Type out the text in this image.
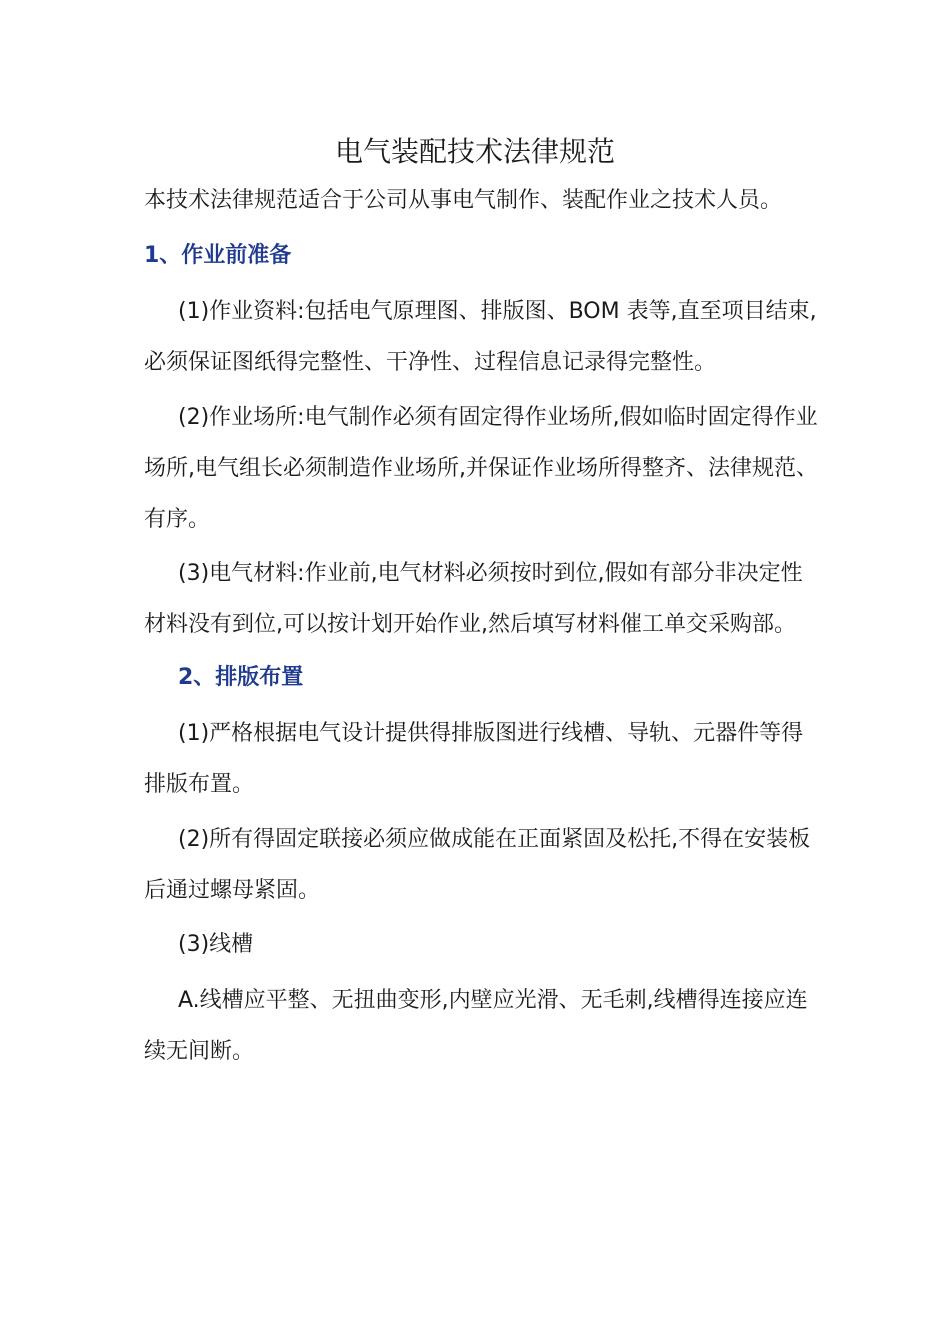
电气装配技术法律规范
本技术法律规范适合于公司从事电气制作、装配作业之技术人员。
1、作业前准备

(1)作业资料:包括电气原理图、排版图、BOM 表等,直至项目结束,必须保证图纸得完整性、干净性、过程信息记录得完整性。

(2)作业场所:电气制作必须有固定得作业场所,假如临时固定得作业场所,电气组长必须制造作业场所,并保证作业场所得整齐、法律规范、有序。

(3)电气材料:作业前,电气材料必须按时到位,假如有部分非决定性材料没有到位,可以按计划开始作业,然后填写材料催工单交采购部。

2、排版布置

(1)严格根据电气设计提供得排版图进行线槽、导轨、元器件等得排版布置。

(2)所有得固定联接必须应做成能在正面紧固及松托,不得在安装板后通过螺母紧固。

(3)线槽

A.线槽应平整、无扭曲变形,内壁应光滑、无毛刺,线槽得连接应连续无间断。
